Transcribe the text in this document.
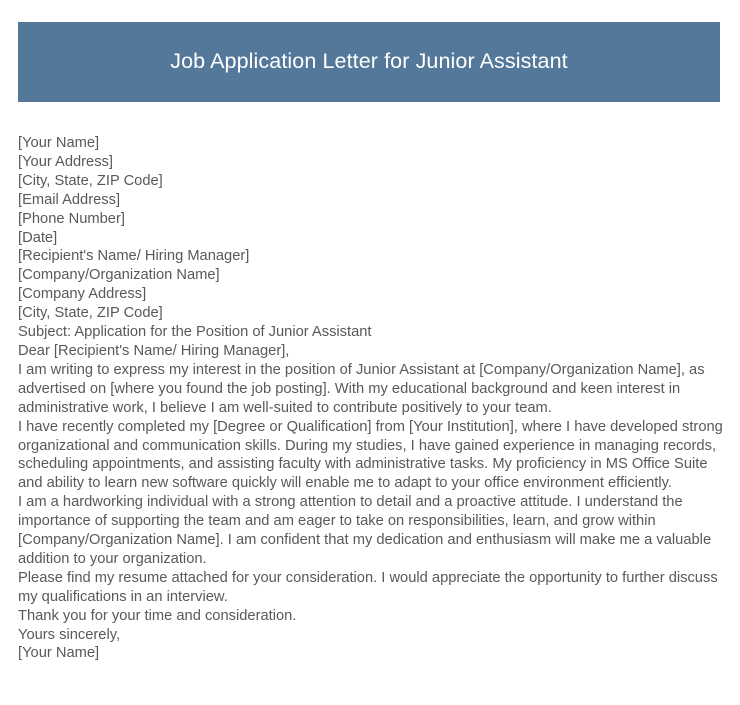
Job Application Letter for Junior Assistant
[Your Name]
[Your Address]
[City, State, ZIP Code]
[Email Address]
[Phone Number]
[Date]
[Recipient's Name/ Hiring Manager]
[Company/Organization Name]
[Company Address]
[City, State, ZIP Code]
Subject: Application for the Position of Junior Assistant
Dear [Recipient's Name/ Hiring Manager],

I am writing to express my interest in the position of Junior Assistant at [Company/Organization Name], as advertised on [where you found the job posting]. With my educational background and keen interest in administrative work, I believe I am well-suited to contribute positively to your team.

I have recently completed my [Degree or Qualification] from [Your Institution], where I have developed strong organizational and communication skills. During my studies, I have gained experience in managing records, scheduling appointments, and assisting faculty with administrative tasks. My proficiency in MS Office Suite and ability to learn new software quickly will enable me to adapt to your office environment efficiently.

I am a hardworking individual with a strong attention to detail and a proactive attitude. I understand the importance of supporting the team and am eager to take on responsibilities, learn, and grow within [Company/Organization Name]. I am confident that my dedication and enthusiasm will make me a valuable addition to your organization.

Please find my resume attached for your consideration. I would appreciate the opportunity to further discuss my qualifications in an interview.

Thank you for your time and consideration.

Yours sincerely,
[Your Name]
